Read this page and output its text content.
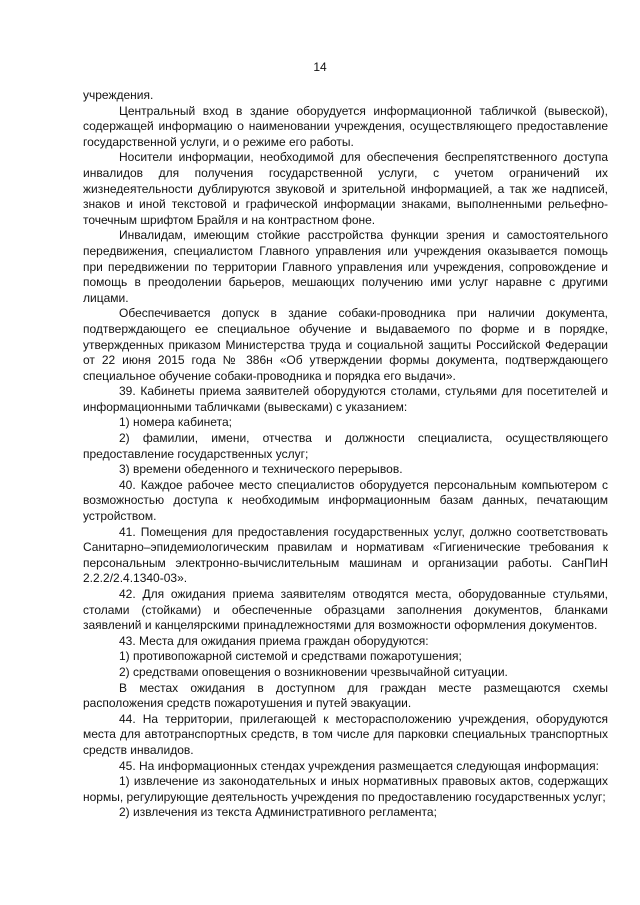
14

учреждения.

Центральный вход в здание оборудуется информационной табличкой (вывеской), содержащей информацию о наименовании учреждения, осуществляющего предоставление государственной услуги, и о режиме его работы.

Носители информации, необходимой для обеспечения беспрепятственного доступа инвалидов для получения государственной услуги, с учетом ограничений их жизнедеятельности дублируются звуковой и зрительной информацией, а так же надписей, знаков и иной текстовой и графической информации знаками, выполненными рельефно-точечным шрифтом Брайля и на контрастном фоне.

Инвалидам, имеющим стойкие расстройства функции зрения и самостоятельного передвижения, специалистом Главного управления или учреждения оказывается помощь при передвижении по территории Главного управления или учреждения, сопровождение и помощь в преодолении барьеров, мешающих получению ими услуг наравне с другими лицами.

Обеспечивается допуск в здание собаки-проводника при наличии документа, подтверждающего ее специальное обучение и выдаваемого по форме и в порядке, утвержденных приказом Министерства труда и социальной защиты Российской Федерации от 22 июня 2015 года № 386н «Об утверждении формы документа, подтверждающего специальное обучение собаки-проводника и порядка его выдачи».

39. Кабинеты приема заявителей оборудуются столами, стульями для посетителей и информационными табличками (вывесками) с указанием:

1) номера кабинета;

2) фамилии, имени, отчества и должности специалиста, осуществляющего предоставление государственных услуг;

3) времени обеденного и технического перерывов.

40. Каждое рабочее место специалистов оборудуется персональным компьютером с возможностью доступа к необходимым информационным базам данных, печатающим устройством.

41. Помещения для предоставления государственных услуг, должно соответствовать Санитарно–эпидемиологическим правилам и нормативам «Гигиенические требования к персональным электронно-вычислительным машинам и организации работы. СанПиН 2.2.2/2.4.1340-03».

42. Для ожидания приема заявителям отводятся места, оборудованные стульями, столами (стойками) и обеспеченные образцами заполнения документов, бланками заявлений и канцелярскими принадлежностями для возможности оформления документов.

43. Места для ожидания приема граждан оборудуются:

1) противопожарной системой и средствами пожаротушения;

2) средствами оповещения о возникновении чрезвычайной ситуации.

В местах ожидания в доступном для граждан месте размещаются схемы расположения средств пожаротушения и путей эвакуации.

44. На территории, прилегающей к месторасположению учреждения, оборудуются места для автотранспортных средств, в том числе для парковки специальных транспортных средств инвалидов.

45. На информационных стендах учреждения размещается следующая информация:

1) извлечение из законодательных и иных нормативных правовых актов, содержащих нормы, регулирующие деятельность учреждения по предоставлению государственных услуг;

2) извлечения из текста Административного регламента;
